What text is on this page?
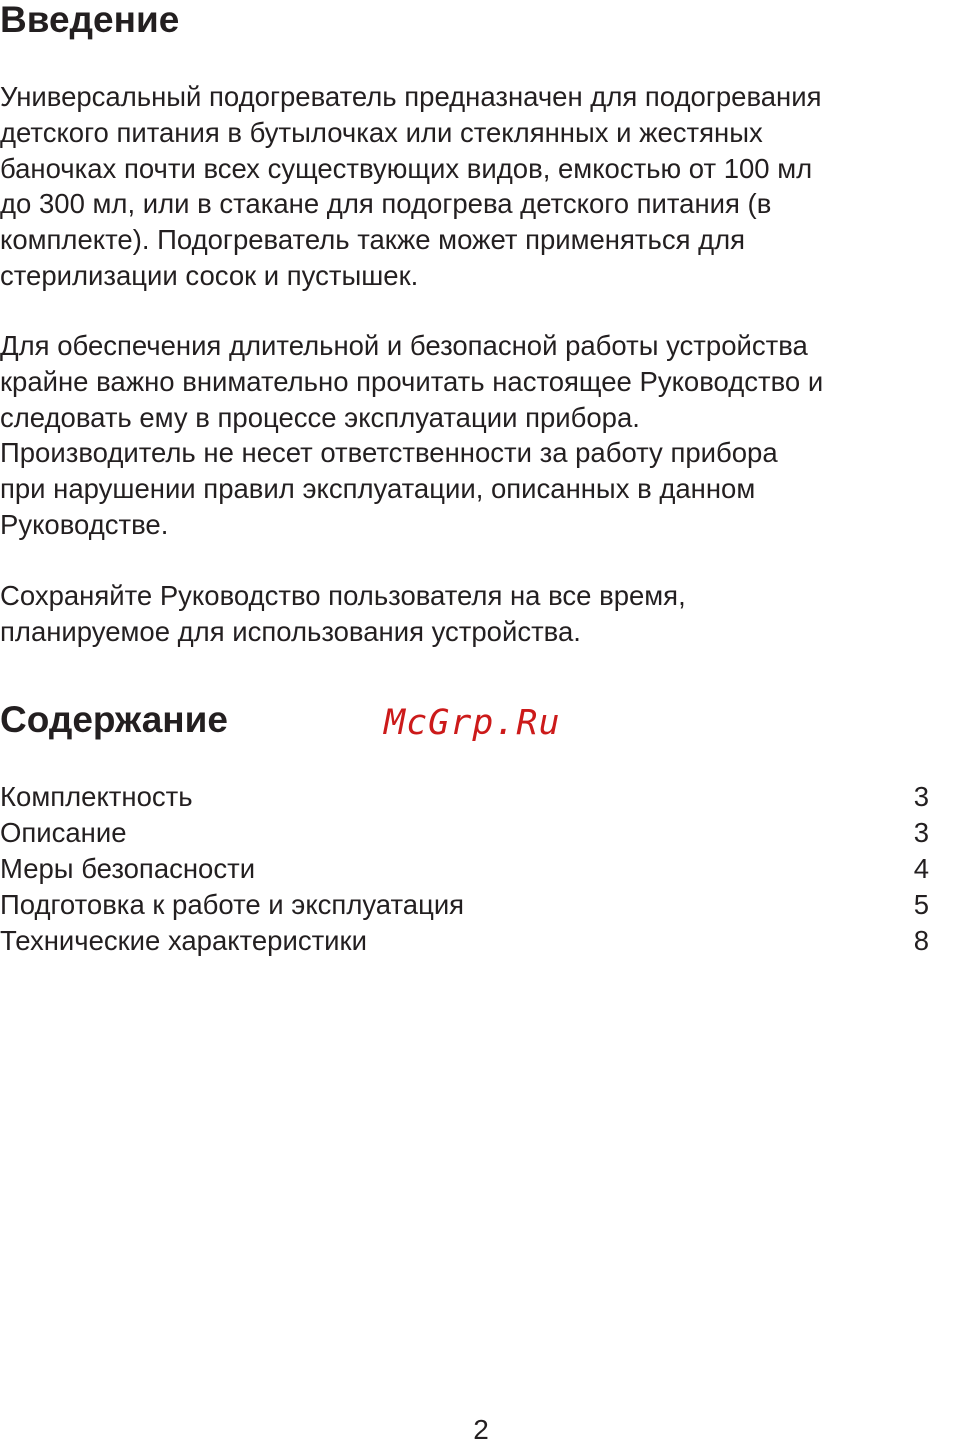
Введение

Универсальный подогреватель предназначен для подогревания
детского питания в бутылочках или стеклянных и жестяных
баночках почти всех существующих видов, емкостью от 100 мл
до 300 мл, или в стакане для подогрева детского питания (в
комплекте). Подогреватель также может применяться для
стерилизации сосок и пустышек.

Для обеспечения длительной и безопасной работы устройства
крайне важно внимательно прочитать настоящее Руководство и
следовать ему в процессе эксплуатации прибора.
Производитель не несет ответственности за работу прибора
при нарушении правил эксплуатации, описанных в данном
Руководстве.

Сохраняйте Руководство пользователя на все время,
планируемое для использования устройства.

Содержание	McGrp.Ru
Комплектность	3
Описание	3
Меры безопасности	4
Подготовка к работе и эксплуатация	5
Технические характеристики	8
2
